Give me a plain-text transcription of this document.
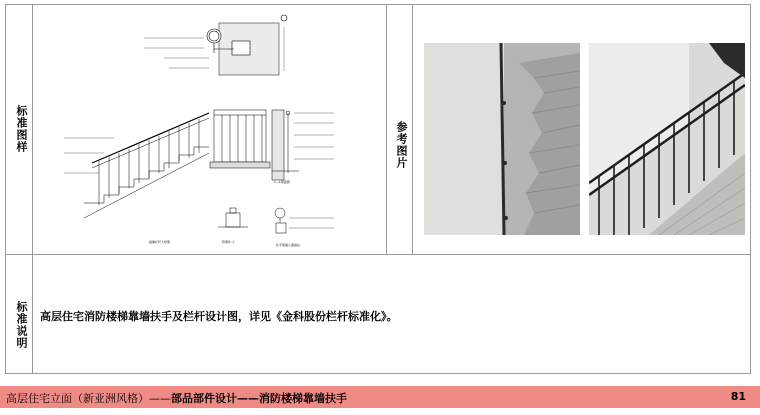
标准图样	参考图片
标准说明 高层住宅消防楼梯靠墙扶手及栏杆设计图，详见《金科股份栏杆标准化》。
楼梯栏杆大样图	预埋件-1
1—1剖面图
扶手靠墙立面做法
高层住宅立面（新亚洲风格）——部品部件设计——消防楼梯靠墙扶手	81
